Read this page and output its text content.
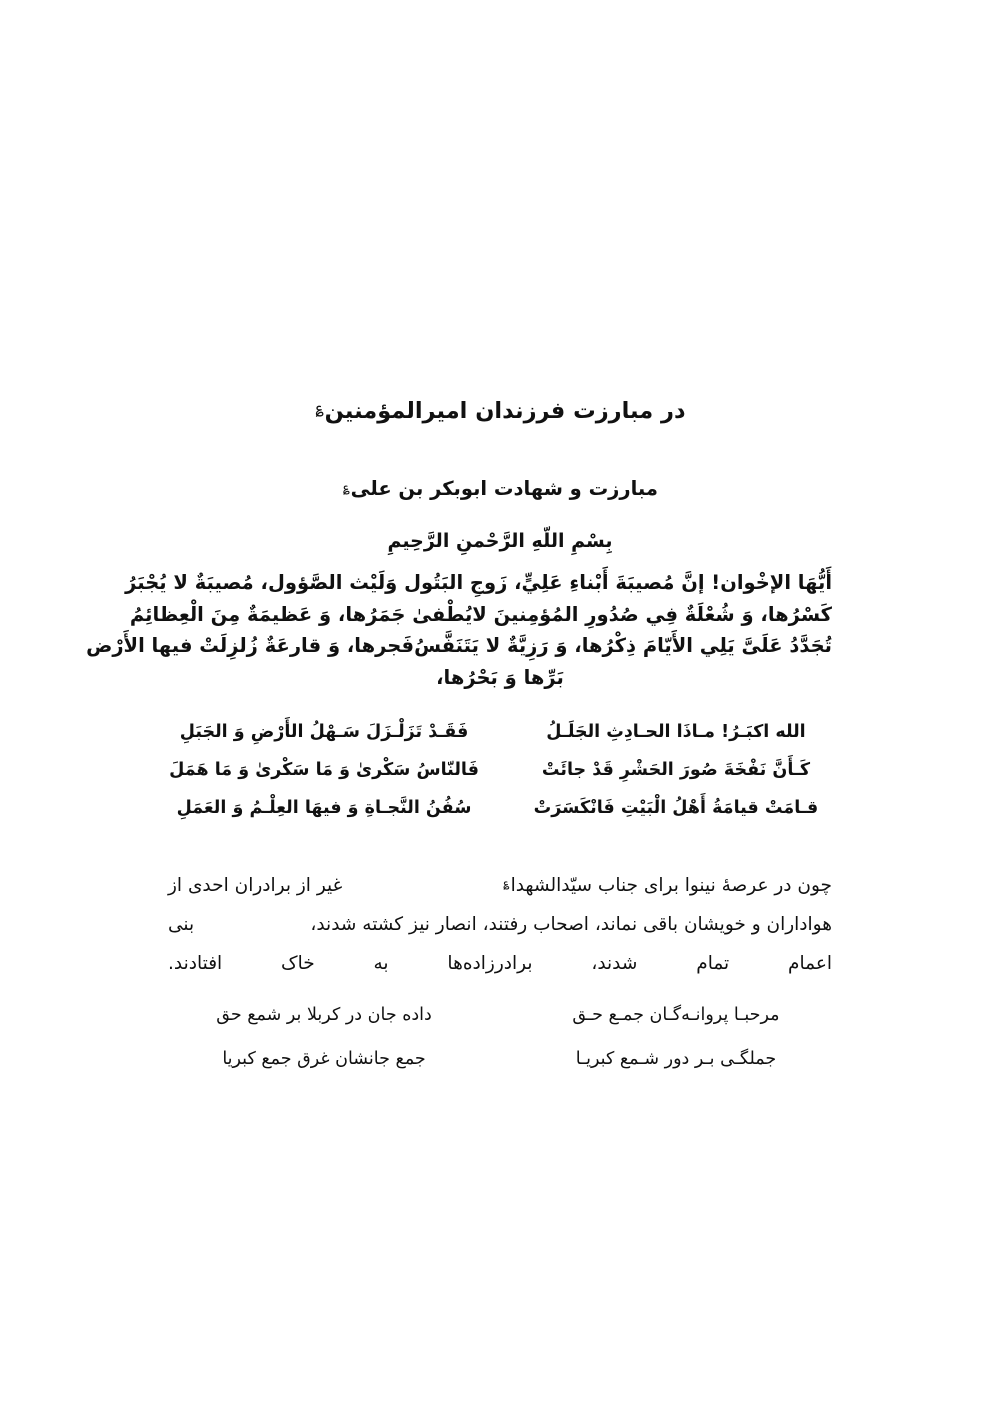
در مبارزت فرزندان امیرالمؤمنین؏
مبارزت و شهادت ابوبکر بن علی؏
بِسْمِ اللّهِ الرَّحْمنِ الرَّحِيمِ
أَيُّهَا الإخْوان! إنَّ مُصيبَةَ أَبْناءِ عَلِيٍّ، زَوجِ البَتُول وَ
لَيْث الصَّؤول، مُصيبَةٌ لا يُجْبَرُ
كَسْرُها، وَ شُعْلَةٌ فِي صُدُورِ المُؤمِنينَ لا
يُطْفىٰ جَمَرُها، وَ عَظيمَةٌ مِنَ الْعِظائِمُ
تُجَدَّدُ عَلَىَّ يَلِي الأَيّامَ ذِكْرُها، وَ رَزِيَّةٌ لا يَتَنَفَّسُ
فَجرها، وَ قارعَةٌ زُلزِلَتْ فيها الأَرْض
بَرِّها وَ بَحْرُها،
الله اكبَـرُ! مـاذَا الحـادِثِ الجَلَـلُ
فَقَـدْ تَزَلْـزَلَ سَـهْلُ الأَرْضِ وَ الجَبَلِ
كَـأَنَّ نَفْخَةَ صُورَ الحَشْرِ قَدْ جائَتْ
فَالنّاسُ سَكْرىٰ وَ مَا سَكْرىٰ وَ مَا هَمَلَ
قـامَتْ قيامَةُ أَهْلُ الْبَيْتِ فَانْكَسَرَتْ
سُفُنُ النَّجـاةِ وَ فيهَا العِلْـمُ وَ العَمَلِ
چون در عرصهٔ نینوا برای جناب سیّدالشهدا؏
غیر از برادران احدی از
هواداران و خویشان باقی نماند، اصحاب رفتند، انصار نیز کشته شدند،
بنی
اعمام تمام شدند، برادرزاده‌ها به خاک افتادند.
مرحبـا پروانـه‌گـان جمـع حـق
داده جان در کربلا بر شمع حق
جملگـی بـر دور شـمع کبریـا
جمع جانشان غرق جمع کبریا
